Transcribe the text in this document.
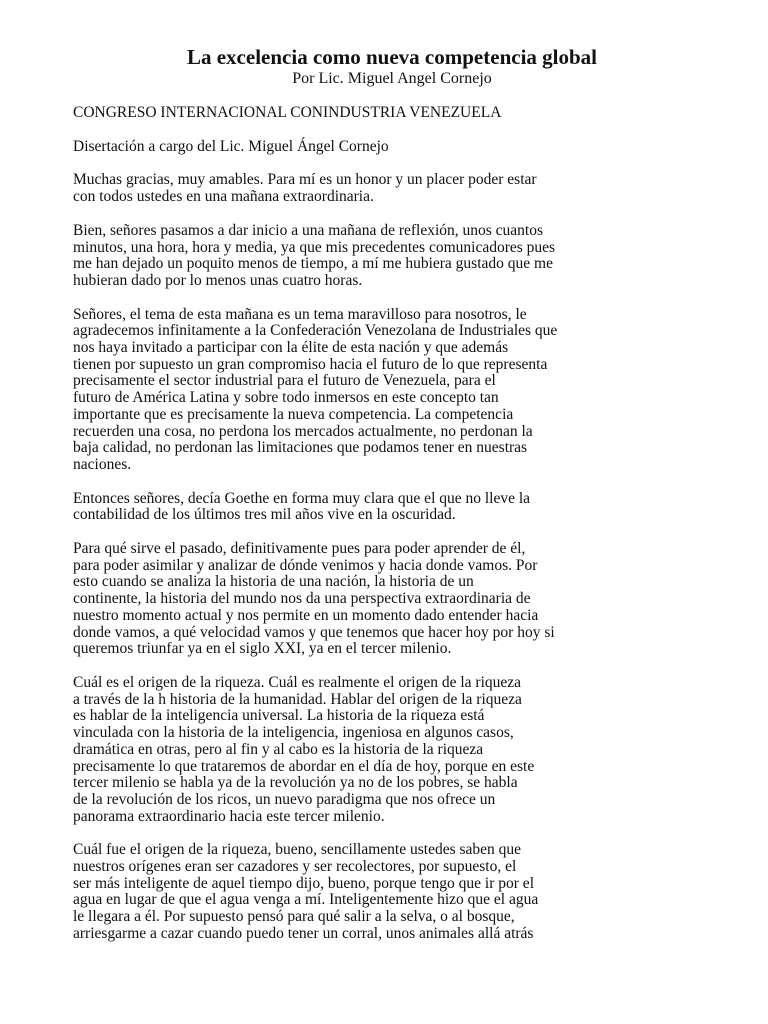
La excelencia como nueva competencia global
Por Lic. Miguel Angel Cornejo

CONGRESO INTERNACIONAL CONINDUSTRIA VENEZUELA

Disertación a cargo del Lic. Miguel Ángel Cornejo

Muchas gracias, muy amables. Para mí es un honor y un placer poder estar
con todos ustedes en una mañana extraordinaria.

Bien, señores pasamos a dar inicio a una mañana de reflexión, unos cuantos
minutos, una hora, hora y media, ya que mis precedentes comunicadores pues
me han dejado un poquito menos de tiempo, a mí me hubiera gustado que me
hubieran dado por lo menos unas cuatro horas.

Señores, el tema de esta mañana es un tema maravilloso para nosotros, le
agradecemos infinitamente a la Confederación Venezolana de Industriales que
nos haya invitado a participar con la élite de esta nación y que además
tienen por supuesto un gran compromiso hacia el futuro de lo que representa
precisamente el sector industrial para el futuro de Venezuela, para el
futuro de América Latina y sobre todo inmersos en este concepto tan
importante que es precisamente la nueva competencia. La competencia
recuerden una cosa, no perdona los mercados actualmente, no perdonan la
baja calidad, no perdonan las limitaciones que podamos tener en nuestras
naciones.

Entonces señores, decía Goethe en forma muy clara que el que no lleve la
contabilidad de los últimos tres mil años vive en la oscuridad.

Para qué sirve el pasado, definitivamente pues para poder aprender de él,
para poder asimilar y analizar de dónde venimos y hacia donde vamos. Por
esto cuando se analiza la historia de una nación, la historia de un
continente, la historia del mundo nos da una perspectiva extraordinaria de
nuestro momento actual y nos permite en un momento dado entender hacia
donde vamos, a qué velocidad vamos y que tenemos que hacer hoy por hoy si
queremos triunfar ya en el siglo XXI, ya en el tercer milenio.

Cuál es el origen de la riqueza. Cuál es realmente el origen de la riqueza
a través de la h historia de la humanidad. Hablar del origen de la riqueza
es hablar de la inteligencia universal. La historia de la riqueza está
vinculada con la historia de la inteligencia, ingeniosa en algunos casos,
dramática en otras, pero al fin y al cabo es la historia de la riqueza
precisamente lo que trataremos de abordar en el día de hoy, porque en este
tercer milenio se habla ya de la revolución ya no de los pobres, se habla
de la revolución de los ricos, un nuevo paradigma que nos ofrece un
panorama extraordinario hacia este tercer milenio.

Cuál fue el origen de la riqueza, bueno, sencillamente ustedes saben que
nuestros orígenes eran ser cazadores y ser recolectores, por supuesto, el
ser más inteligente de aquel tiempo dijo, bueno, porque tengo que ir por el
agua en lugar de que el agua venga a mí. Inteligentemente hizo que el agua
le llegara a él. Por supuesto pensó para qué salir a la selva, o al bosque,
arriesgarme a cazar cuando puedo tener un corral, unos animales allá atrás
